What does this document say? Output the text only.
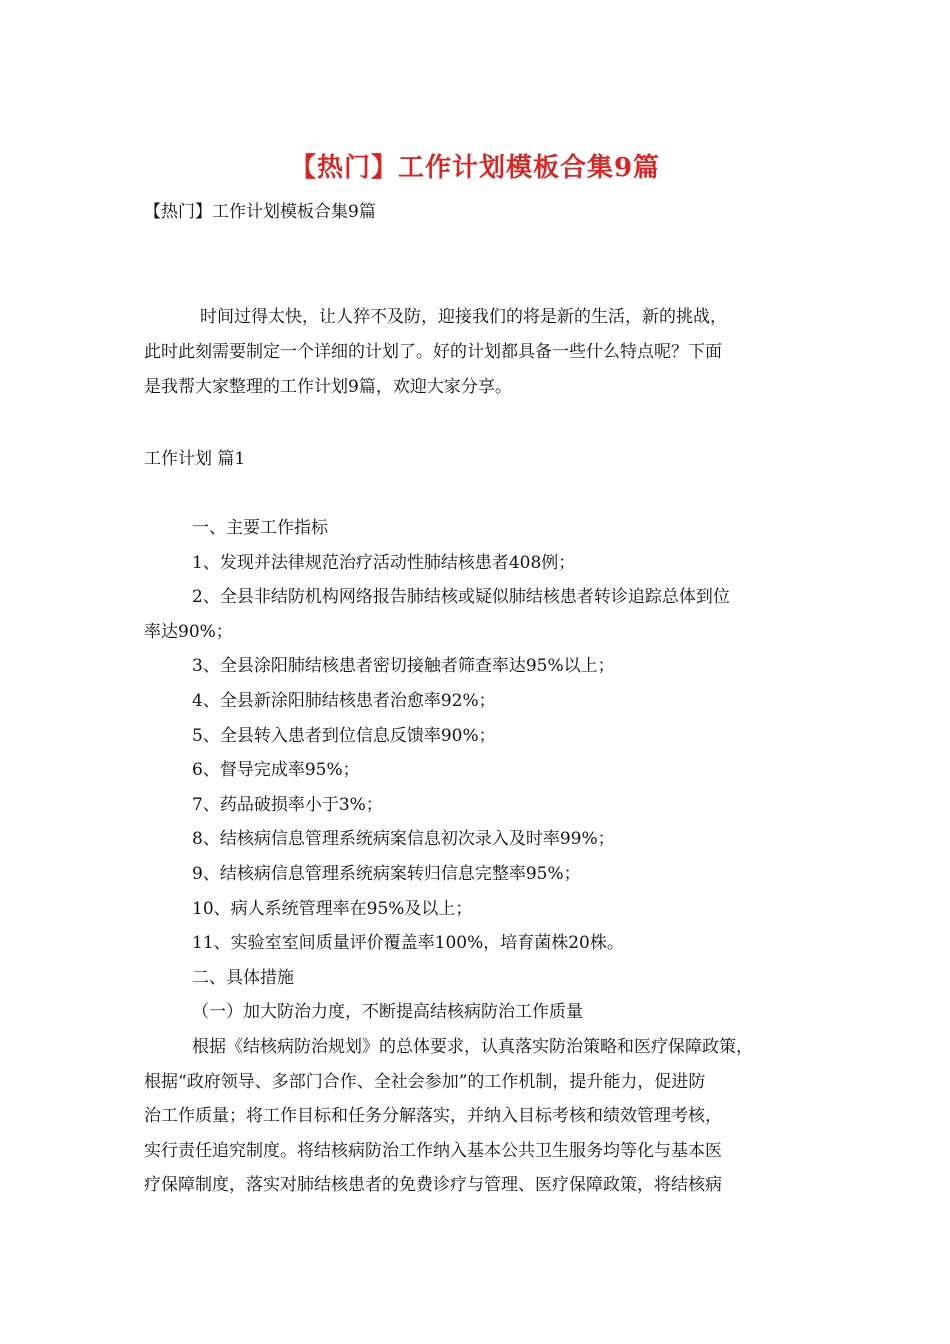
【热门】工作计划模板合集9篇
【热门】工作计划模板合集9篇
时间过得太快，让人猝不及防，迎接我们的将是新的生活，新的挑战，
此时此刻需要制定一个详细的计划了。好的计划都具备一些什么特点呢？下面
是我帮大家整理的工作计划9篇，欢迎大家分享。
工作计划 篇1
一、主要工作指标
1、发现并法律规范治疗活动性肺结核患者408例；
2、全县非结防机构网络报告肺结核或疑似肺结核患者转诊追踪总体到位
率达90%；
3、全县涂阳肺结核患者密切接触者筛查率达95%以上；
4、全县新涂阳肺结核患者治愈率92%；
5、全县转入患者到位信息反馈率90%；
6、督导完成率95%；
7、药品破损率小于3%；
8、结核病信息管理系统病案信息初次录入及时率99%；
9、结核病信息管理系统病案转归信息完整率95%；
10、病人系统管理率在95%及以上；
11、实验室室间质量评价覆盖率100%，培育菌株20株。
二、具体措施
（一）加大防治力度，不断提高结核病防治工作质量
根据《结核病防治规划》的总体要求，认真落实防治策略和医疗保障政策，
根据“政府领导、多部门合作、全社会参加”的工作机制，提升能力，促进防
治工作质量；将工作目标和任务分解落实，并纳入目标考核和绩效管理考核，
实行责任追究制度。将结核病防治工作纳入基本公共卫生服务均等化与基本医
疗保障制度，落实对肺结核患者的免费诊疗与管理、医疗保障政策，将结核病
